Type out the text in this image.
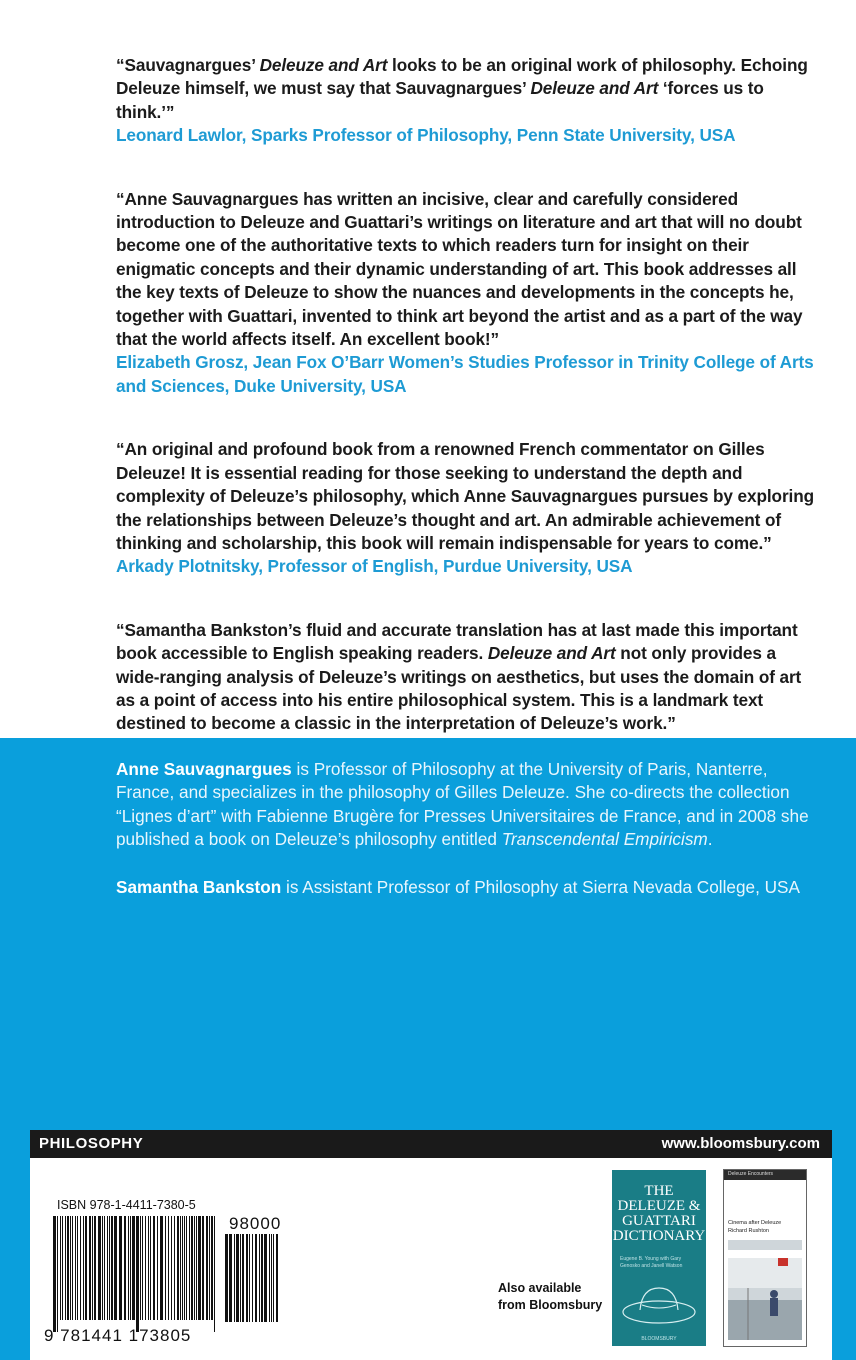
“Sauvagnargues’ Deleuze and Art looks to be an original work of philosophy. Echoing Deleuze himself, we must say that Sauvagnargues’ Deleuze and Art ‘forces us to think.’”

Leonard Lawlor, Sparks Professor of Philosophy, Penn State University, USA

“Anne Sauvagnargues has written an incisive, clear and carefully considered introduction to Deleuze and Guattari’s writings on literature and art that will no doubt become one of the authoritative texts to which readers turn for insight on their enigmatic concepts and their dynamic understanding of art. This book addresses all the key texts of Deleuze to show the nuances and developments in the concepts he, together with Guattari, invented to think art beyond the artist and as a part of the way that the world affects itself. An excellent book!”

Elizabeth Grosz, Jean Fox O’Barr Women’s Studies Professor in Trinity College of Arts and Sciences, Duke University, USA

“An original and profound book from a renowned French commentator on Gilles Deleuze! It is essential reading for those seeking to understand the depth and complexity of Deleuze’s philosophy, which Anne Sauvagnargues pursues by exploring the relationships between Deleuze’s thought and art. An admirable achievement of thinking and scholarship, this book will remain indispensable for years to come.”

Arkady Plotnitsky, Professor of English, Purdue University, USA

“Samantha Bankston’s fluid and accurate translation has at last made this important book accessible to English speaking readers. Deleuze and Art not only provides a wide-ranging analysis of Deleuze’s writings on aesthetics, but uses the domain of art as a point of access into his entire philosophical system. This is a landmark text destined to become a classic in the interpretation of Deleuze’s work.”

Anne Sauvagnargues is Professor of Philosophy at the University of Paris, Nanterre, France, and specializes in the philosophy of Gilles Deleuze. She co-directs the collection “Lignes d’art” with Fabienne Brugère for Presses Universitaires de France, and in 2008 she published a book on Deleuze’s philosophy entitled Transcendental Empiricism.

Samantha Bankston is Assistant Professor of Philosophy at Sierra Nevada College, USA

PHILOSOPHY	www.bloomsbury.com
ISBN 978-1-4411-7380-5
98000
9 781441 173805
Also available
from Bloomsbury
THE
DELEUZE &
GUATTARI
DICTIONARY
Eugene B. Young with Gary Genosko and Janell Watson
BLOOMSBURY
Deleuze Encounters
Cinema after Deleuze
Richard Rushton
